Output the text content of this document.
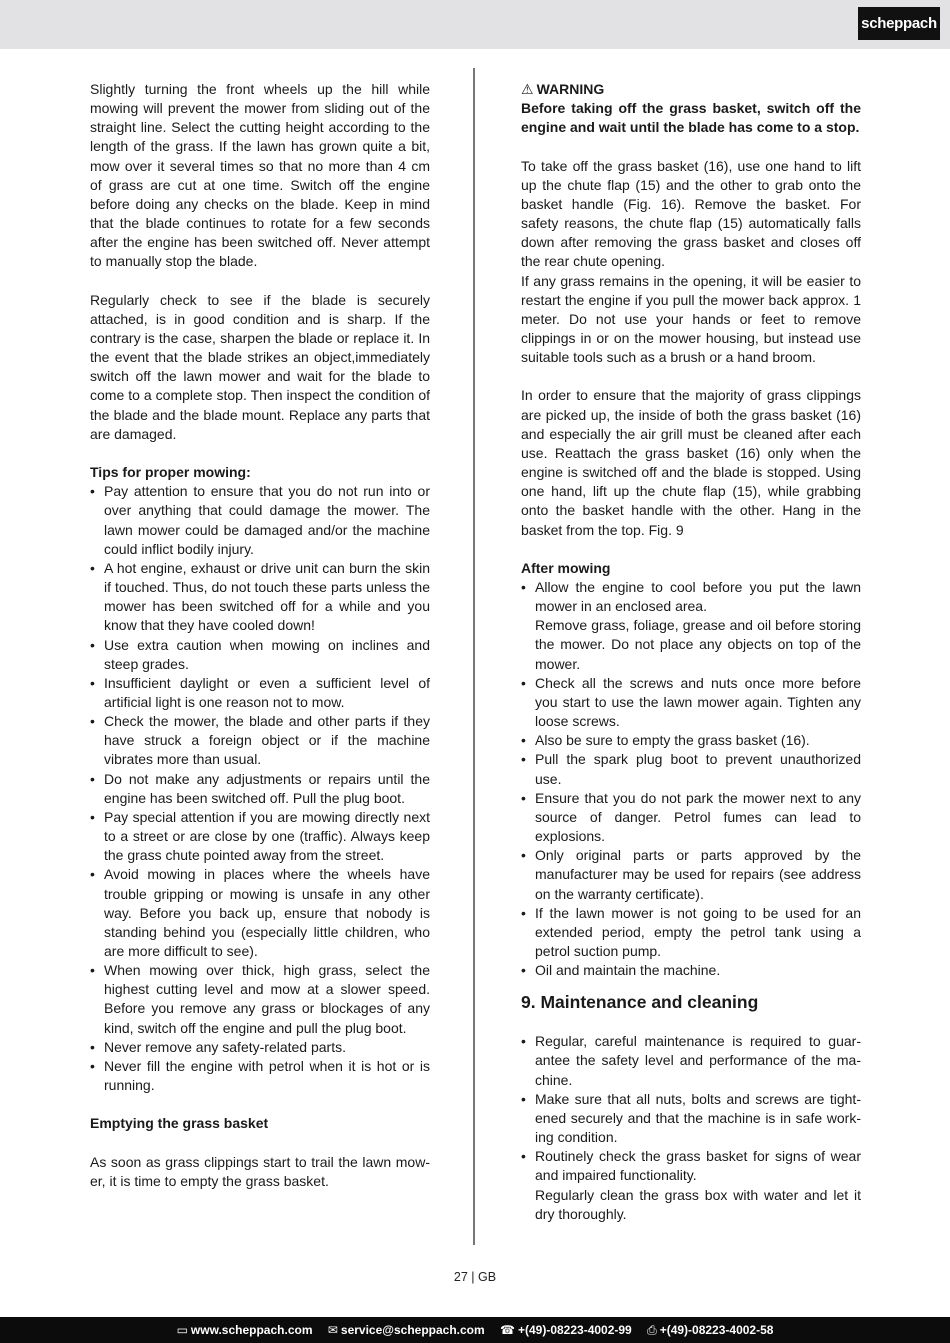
scheppach

Slightly turning the front wheels up the hill while mowing will prevent the mower from sliding out of the straight line. Select the cutting height according to the length of the grass. If the lawn has grown quite a bit, mow over it several times so that no more than 4 cm of grass are cut at one time. Switch off the engine before doing any checks on the blade. Keep in mind that the blade continues to rotate for a few seconds after the engine has been switched off. Never attempt to manually stop the blade.

Regularly check to see if the blade is securely attached, is in good condition and is sharp. If the contrary is the case, sharpen the blade or replace it. In the event that the blade strikes an object,immediately switch off the lawn mower and wait for the blade to come to a complete stop. Then inspect the condition of the blade and the blade mount. Replace any parts that are damaged.

Tips for proper mowing:

• Pay attention to ensure that you do not run into or over anything that could damage the mower. The lawn mower could be damaged and/or the machine could inflict bodily injury.
• A hot engine, exhaust or drive unit can burn the skin if touched. Thus, do not touch these parts unless the mower has been switched off for a while and you know that they have cooled down!
• Use extra caution when mowing on inclines and steep grades.
• Insufficient daylight or even a sufficient level of artificial light is one reason not to mow.
• Check the mower, the blade and other parts if they have struck a foreign object or if the machine vibrates more than usual.
• Do not make any adjustments or repairs until the engine has been switched off. Pull the plug boot.
• Pay special attention if you are mowing directly next to a street or are close by one (traffic). Always keep the grass chute pointed away from the street.
• Avoid mowing in places where the wheels have trouble gripping or mowing is unsafe in any other way. Before you back up, ensure that nobody is standing behind you (especially little children, who are more difficult to see).
• When mowing over thick, high grass, select the highest cutting level and mow at a slower speed. Before you remove any grass or blockages of any kind, switch off the engine and pull the plug boot.
• Never remove any safety-related parts.
• Never fill the engine with petrol when it is hot or is running.

Emptying the grass basket

As soon as grass clippings start to trail the lawn mow-er, it is time to empty the grass basket.

⚠ WARNING

Before taking off the grass basket, switch off the engine and wait until the blade has come to a stop.

To take off the grass basket (16), use one hand to lift up the chute flap (15) and the other to grab onto the basket handle (Fig. 16). Remove the basket. For safety reasons, the chute flap (15) automatically falls down after removing the grass basket and closes off the rear chute opening.

If any grass remains in the opening, it will be easier to restart the engine if you pull the mower back approx. 1 meter. Do not use your hands or feet to remove clippings in or on the mower housing, but instead use suitable tools such as a brush or a hand broom.

In order to ensure that the majority of grass clippings are picked up, the inside of both the grass basket (16) and especially the air grill must be cleaned after each use. Reattach the grass basket (16) only when the engine is switched off and the blade is stopped. Using one hand, lift up the chute flap (15), while grabbing onto the basket handle with the other. Hang in the basket from the top. Fig. 9

After mowing

• Allow the engine to cool before you put the lawn mower in an enclosed area.
Remove grass, foliage, grease and oil before storing the mower. Do not place any objects on top of the mower.
• Check all the screws and nuts once more before you start to use the lawn mower again. Tighten any loose screws.
• Also be sure to empty the grass basket (16).
• Pull the spark plug boot to prevent unauthorized use.
• Ensure that you do not park the mower next to any source of danger. Petrol fumes can lead to explosions.
• Only original parts or parts approved by the manufacturer may be used for repairs (see address on the warranty certificate).
• If the lawn mower is not going to be used for an extended period, empty the petrol tank using a petrol suction pump.
• Oil and maintain the machine.
9. Maintenance and cleaning
• Regular, careful maintenance is required to guar-antee the safety level and performance of the ma-chine.
• Make sure that all nuts, bolts and screws are tight-ened securely and that the machine is in safe work-ing condition.
• Routinely check the grass basket for signs of wear and impaired functionality.
Regularly clean the grass box with water and let it dry thoroughly.
27 | GB
▭ www.scheppach.com ✉ service@scheppach.com ☎ +(49)-08223-4002-99 ⎙ +(49)-08223-4002-58
